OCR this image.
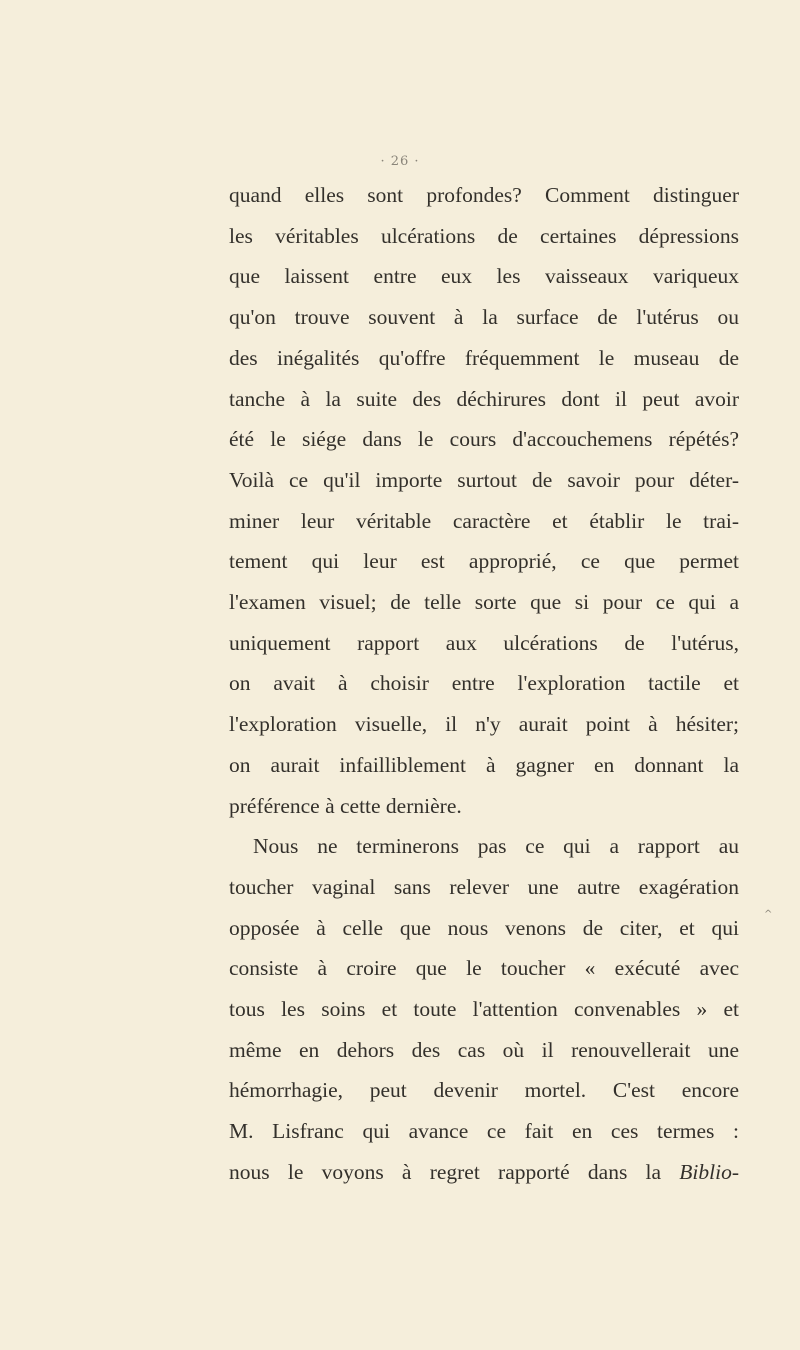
· 26 ·
quand elles sont profondes? Comment distinguer
les véritables ulcérations de certaines dépressions
que laissent entre eux les vaisseaux variqueux
qu'on trouve souvent à la surface de l'utérus ou
des inégalités qu'offre fréquemment le museau de
tanche à la suite des déchirures dont il peut avoir
été le siége dans le cours d'accouchemens répétés?
Voilà ce qu'il importe surtout de savoir pour déter-
miner leur véritable caractère et établir le trai-
tement qui leur est approprié, ce que permet
l'examen visuel; de telle sorte que si pour ce qui a
uniquement rapport aux ulcérations de l'utérus,
on avait à choisir entre l'exploration tactile et
l'exploration visuelle, il n'y aurait point à hésiter;
on aurait infailliblement à gagner en donnant la
préférence à cette dernière.
Nous ne terminerons pas ce qui a rapport au
toucher vaginal sans relever une autre exagération
opposée à celle que nous venons de citer, et qui
consiste à croire que le toucher « exécuté avec
tous les soins et toute l'attention convenables » et
même en dehors des cas où il renouvellerait une
hémorrhagie, peut devenir mortel. C'est encore
M. Lisfranc qui avance ce fait en ces termes :
nous le voyons à regret rapporté dans la Biblio-
^
